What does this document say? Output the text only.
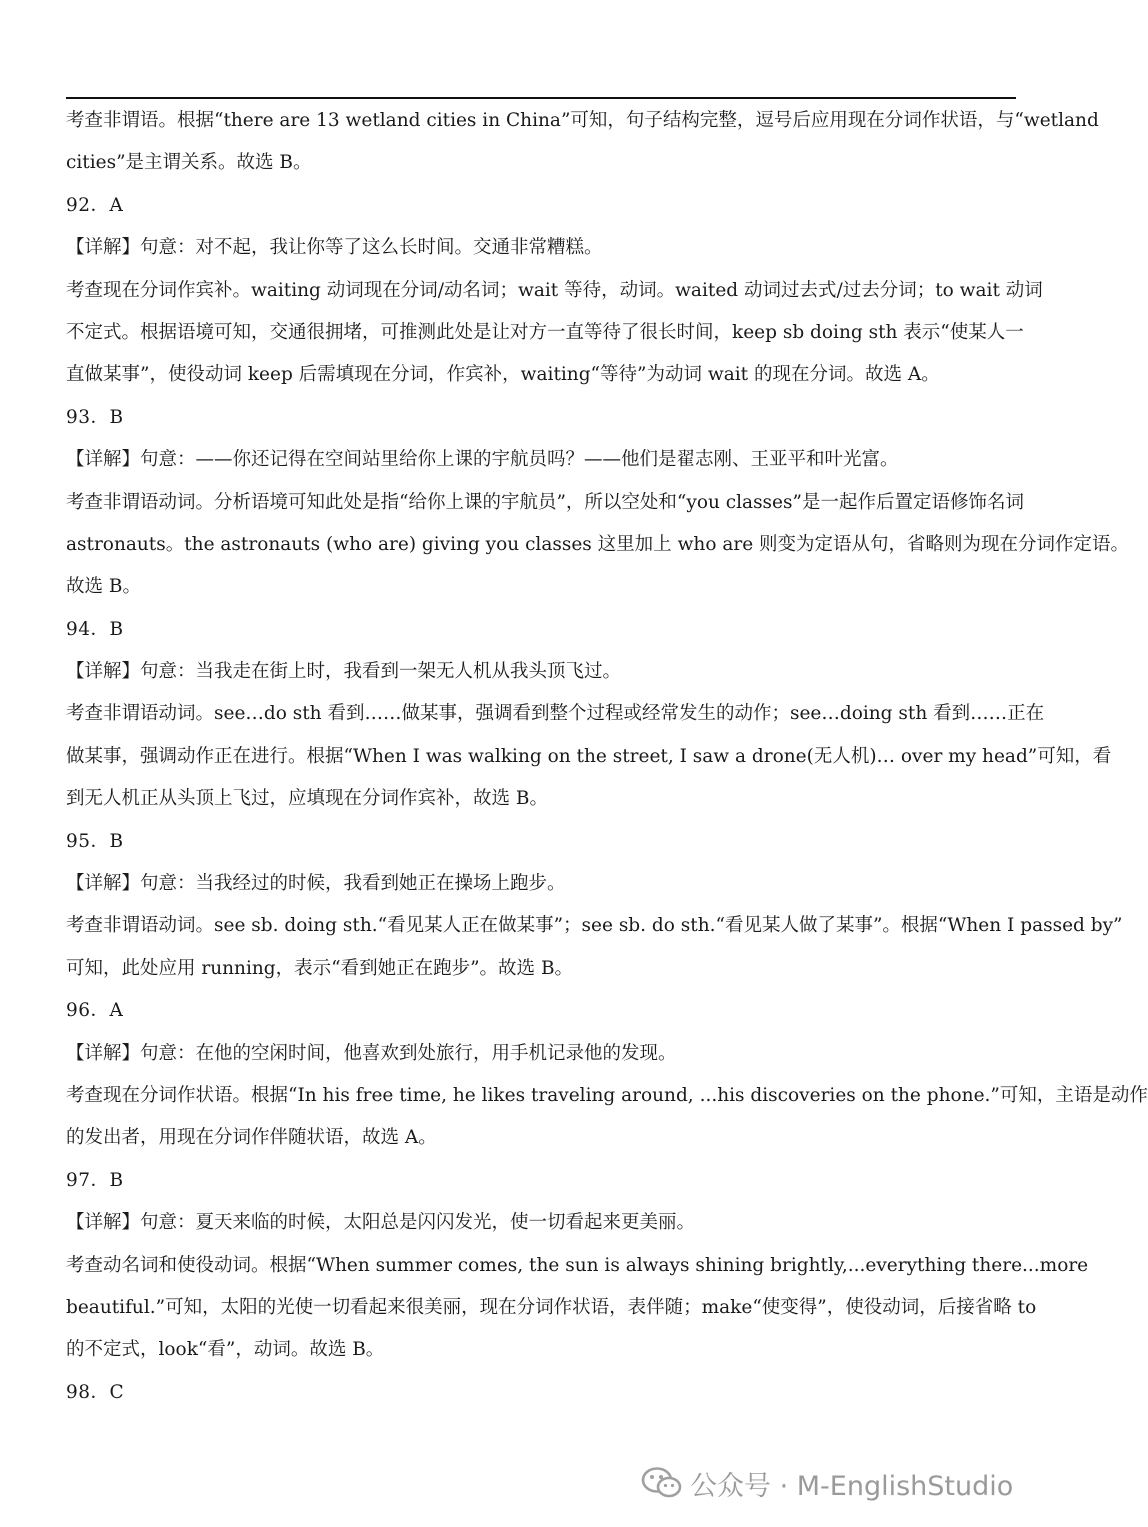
考查非谓语。根据“there are 13 wetland cities in China”可知，句子结构完整，逗号后应用现在分词作状语，与“wetland
cities”是主谓关系。故选 B。
92．A
【详解】句意：对不起，我让你等了这么长时间。交通非常糟糕。
考查现在分词作宾补。waiting 动词现在分词/动名词；wait 等待，动词。waited 动词过去式/过去分词；to wait 动词
不定式。根据语境可知，交通很拥堵，可推测此处是让对方一直等待了很长时间，keep sb doing sth 表示“使某人一
直做某事”，使役动词 keep 后需填现在分词，作宾补，waiting“等待”为动词 wait 的现在分词。故选 A。
93．B
【详解】句意：——你还记得在空间站里给你上课的宇航员吗？——他们是翟志刚、王亚平和叶光富。
考查非谓语动词。分析语境可知此处是指“给你上课的宇航员”，所以空处和“you classes”是一起作后置定语修饰名词
astronauts。the astronauts (who are) giving you classes 这里加上 who are 则变为定语从句，省略则为现在分词作定语。
故选 B。
94．B
【详解】句意：当我走在街上时，我看到一架无人机从我头顶飞过。
考查非谓语动词。see…do sth 看到……做某事，强调看到整个过程或经常发生的动作；see…doing sth 看到……正在
做某事，强调动作正在进行。根据“When I was walking on the street, I saw a drone(无人机)… over my head”可知，看
到无人机正从头顶上飞过，应填现在分词作宾补，故选 B。
95．B
【详解】句意：当我经过的时候，我看到她正在操场上跑步。
考查非谓语动词。see sb. doing sth.“看见某人正在做某事”；see sb. do sth.“看见某人做了某事”。根据“When I passed by”
可知，此处应用 running，表示“看到她正在跑步”。故选 B。
96．A
【详解】句意：在他的空闲时间，他喜欢到处旅行，用手机记录他的发现。
考查现在分词作状语。根据“In his free time, he likes traveling around, ...his discoveries on the phone.”可知，主语是动作
的发出者，用现在分词作伴随状语，故选 A。
97．B
【详解】句意：夏天来临的时候，太阳总是闪闪发光，使一切看起来更美丽。
考查动名词和使役动词。根据“When summer comes, the sun is always shining brightly,...everything there...more
beautiful.”可知，太阳的光使一切看起来很美丽，现在分词作状语，表伴随；make“使变得”，使役动词，后接省略 to
的不定式，look“看”，动词。故选 B。
98．C
公众号 · M-EnglishStudio
